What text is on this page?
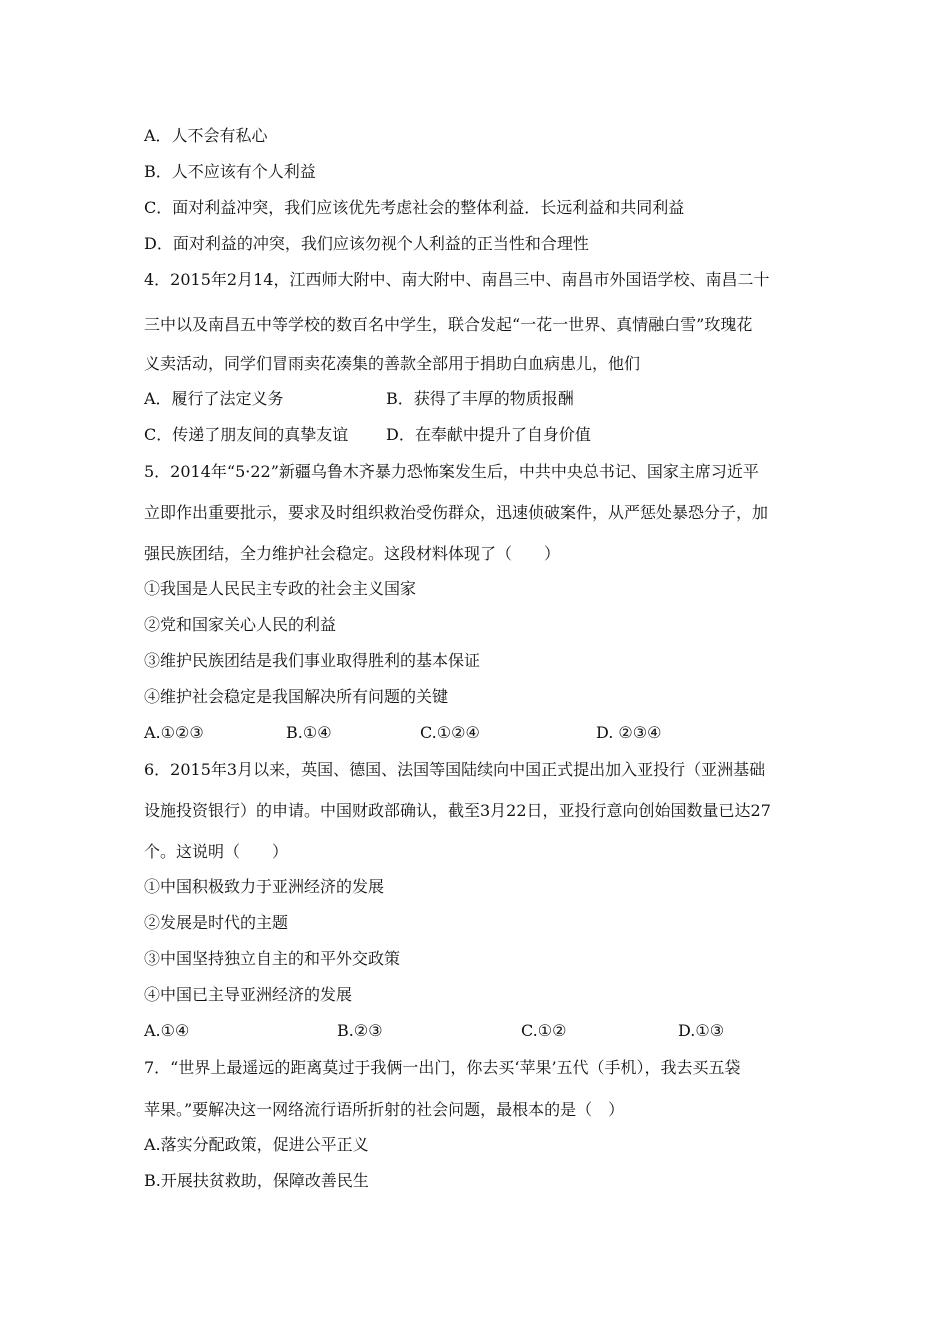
A．人不会有私心
B．人不应该有个人利益
C．面对利益冲突，我们应该优先考虑社会的整体利益．长远利益和共同利益
D．面对利益的冲突，我们应该勿视个人利益的正当性和合理性
4．2015年2月14，江西师大附中、南大附中、南昌三中、南昌市外国语学校、南昌二十
三中以及南昌五中等学校的数百名中学生，联合发起“一花一世界、真情融白雪”玫瑰花
义卖活动，同学们冒雨卖花凑集的善款全部用于捐助白血病患儿，他们
A．履行了法定义务	B．获得了丰厚的物质报酬
C．传递了朋友间的真挚友谊 D．在奉献中提升了自身价值
5．2014年“5·22”新疆乌鲁木齐暴力恐怖案发生后，中共中央总书记、国家主席习近平
立即作出重要批示，要求及时组织救治受伤群众，迅速侦破案件，从严惩处暴恐分子，加
强民族团结，全力维护社会稳定。这段材料体现了（　　）
①我国是人民民主专政的社会主义国家
②党和国家关心人民的利益
③维护民族团结是我们事业取得胜利的基本保证
④维护社会稳定是我国解决所有问题的关键
A.①②③	B.①④	C.①②④	D. ②③④
6．2015年3月以来，英国、德国、法国等国陆续向中国正式提出加入亚投行（亚洲基础
设施投资银行）的申请。中国财政部确认，截至3月22日，亚投行意向创始国数量已达27
个。这说明（　　）
①中国积极致力于亚洲经济的发展
②发展是时代的主题
③中国坚持独立自主的和平外交政策
④中国已主导亚洲经济的发展
A.①④	B.②③	C.①②	D.①③
7．“世界上最遥远的距离莫过于我俩一出门，你去买‘苹果’五代（手机），我去买五袋
苹果。”要解决这一网络流行语所折射的社会问题，最根本的是（　）
A.落实分配政策，促进公平正义
B.开展扶贫救助，保障改善民生
